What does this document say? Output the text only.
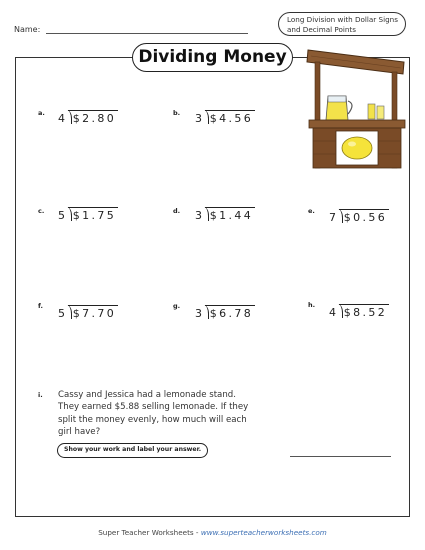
Name:
Long Division with Dollar Signs and Decimal Points
Dividing Money
a. 4 $2.80	b. 3 $4.56
c. 5 $1.75	d. 3 $1.44	e. 7 $0.56
f.
5 $7.70
g.
3 $6.78
h.
4 $8.52
i. Cassy and Jessica had a lemonade stand. They earned $5.88 selling lemonade. If they split the money evenly, how much will each girl have?
Show your work and label your answer.
Super Teacher Worksheets - www.superteacherworksheets.com
